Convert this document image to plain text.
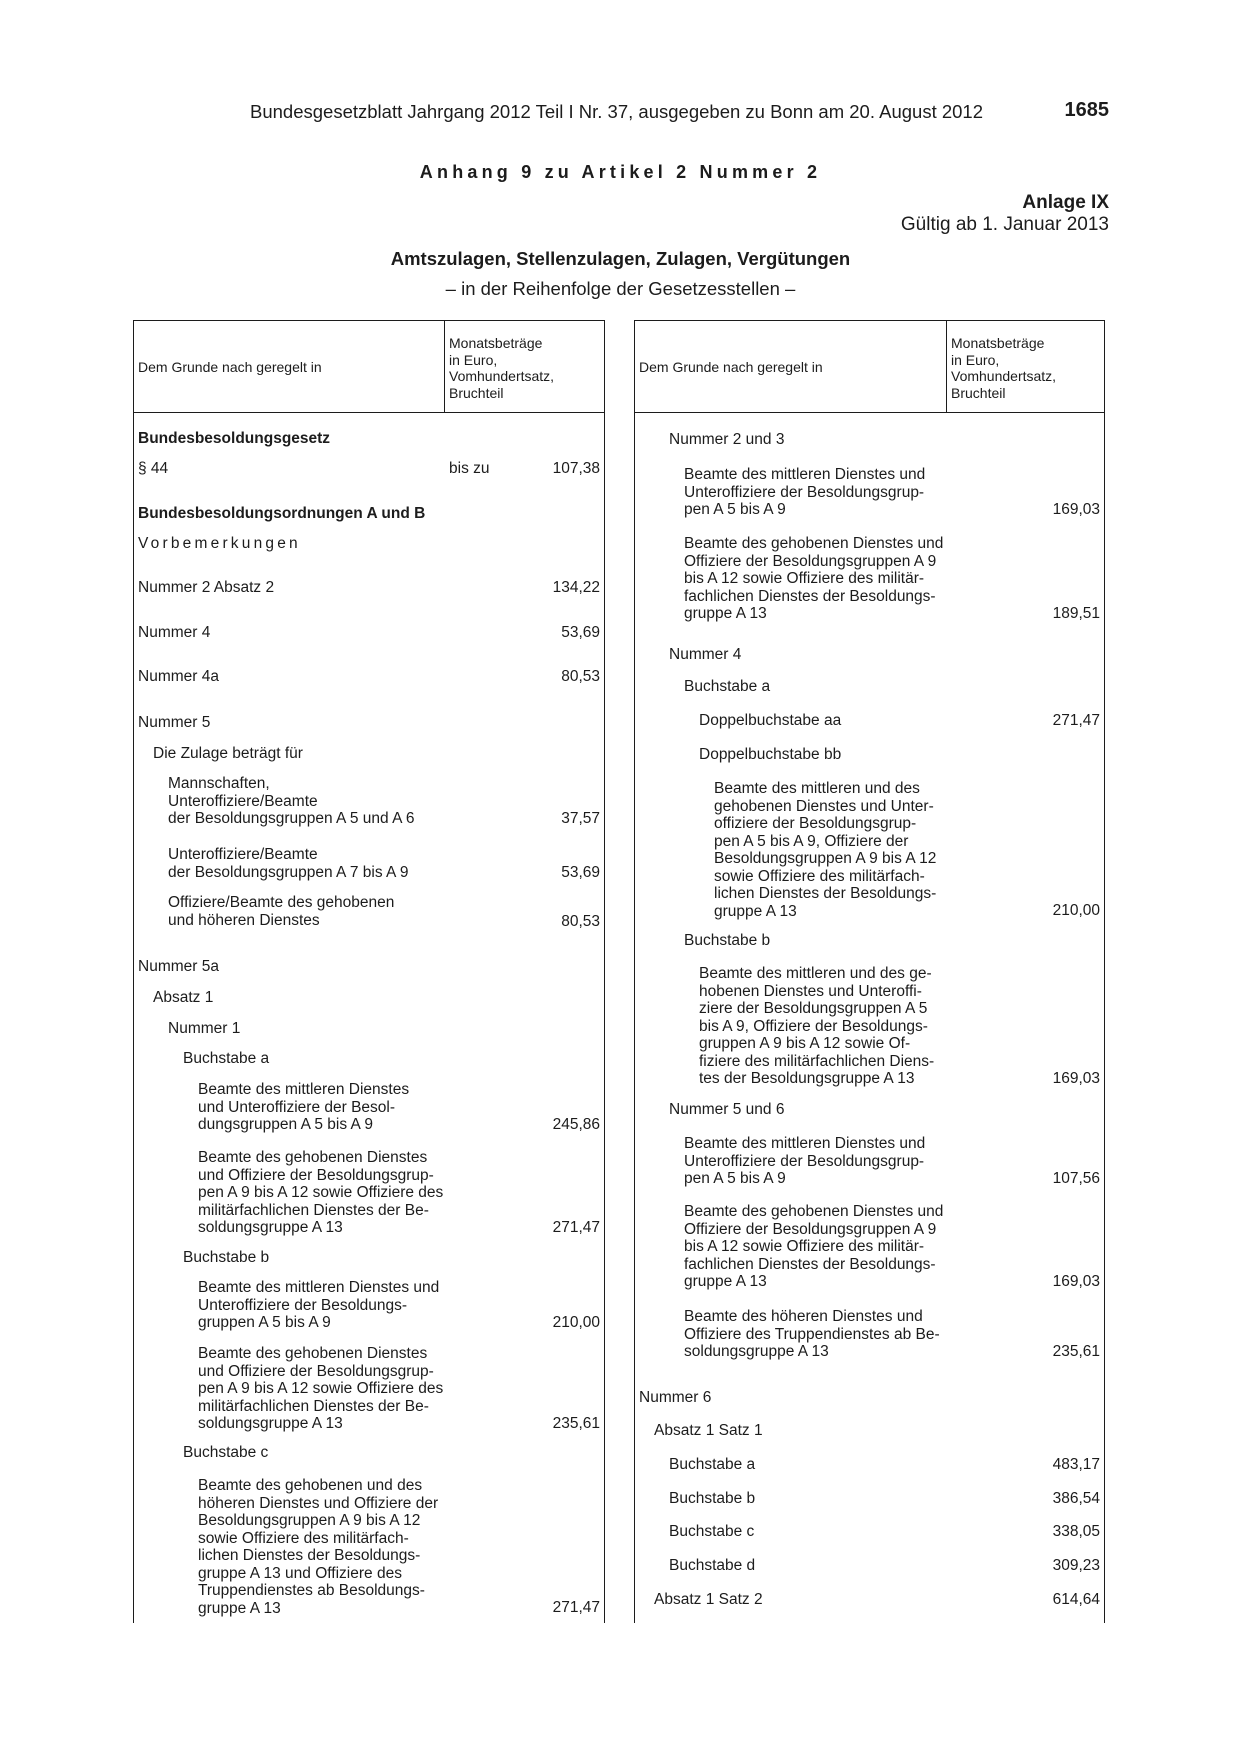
Bundesgesetzblatt Jahrgang 2012 Teil I Nr. 37, ausgegeben zu Bonn am 20. August 2012	1685
Anhang 9 zu Artikel 2 Nummer 2
Anlage IX
Gültig ab 1. Januar 2013
Amtszulagen, Stellenzulagen, Zulagen, Vergütungen
– in der Reihenfolge der Gesetzesstellen –
Dem Grunde nach geregelt in
Monatsbeträge
in Euro,
Vomhundertsatz,
Bruchteil
Bundesbesoldungsgesetz
§ 44	bis zu	107,38
Bundesbesoldungsordnungen A und B
Vorbemerkungen
Nummer 2 Absatz 2	134,22
Nummer 4	53,69
Nummer 4a	80,53
Nummer 5
Die Zulage beträgt für
Mannschaften,
Unteroffiziere/Beamte
der Besoldungsgruppen A 5 und A 6	37,57
Unteroffiziere/Beamte
der Besoldungsgruppen A 7 bis A 9	53,69
Offiziere/Beamte des gehobenen
und höheren Dienstes	80,53
Nummer 5a
Absatz 1
Nummer 1
Buchstabe a
Beamte des mittleren Dienstes
und Unteroffiziere der Besol-
dungsgruppen A 5 bis A 9	245,86
Beamte des gehobenen Dienstes
und Offiziere der Besoldungsgrup-
pen A 9 bis A 12 sowie Offiziere des
militärfachlichen Dienstes der Be-
soldungsgruppe A 13	271,47
Buchstabe b
Beamte des mittleren Dienstes und
Unteroffiziere der Besoldungs-
gruppen A 5 bis A 9	210,00
Beamte des gehobenen Dienstes
und Offiziere der Besoldungsgrup-
pen A 9 bis A 12 sowie Offiziere des
militärfachlichen Dienstes der Be-
soldungsgruppe A 13	235,61
Buchstabe c
Beamte des gehobenen und des
höheren Dienstes und Offiziere der
Besoldungsgruppen A 9 bis A 12
sowie Offiziere des militärfach-
lichen Dienstes der Besoldungs-
gruppe A 13 und Offiziere des
Truppendienstes ab Besoldungs-
gruppe A 13	271,47
Dem Grunde nach geregelt in
Monatsbeträge
in Euro,
Vomhundertsatz,
Bruchteil
Nummer 2 und 3
Beamte des mittleren Dienstes und
Unteroffiziere der Besoldungsgrup-
pen A 5 bis A 9	169,03
Beamte des gehobenen Dienstes und
Offiziere der Besoldungsgruppen A 9
bis A 12 sowie Offiziere des militär-
fachlichen Dienstes der Besoldungs-
gruppe A 13	189,51
Nummer 4
Buchstabe a
Doppelbuchstabe aa	271,47
Doppelbuchstabe bb
Beamte des mittleren und des
gehobenen Dienstes und Unter-
offiziere der Besoldungsgrup-
pen A 5 bis A 9, Offiziere der
Besoldungsgruppen A 9 bis A 12
sowie Offiziere des militärfach-
lichen Dienstes der Besoldungs-
gruppe A 13	210,00
Buchstabe b
Beamte des mittleren und des ge-
hobenen Dienstes und Unteroffi-
ziere der Besoldungsgruppen A 5
bis A 9, Offiziere der Besoldungs-
gruppen A 9 bis A 12 sowie Of-
fiziere des militärfachlichen Diens-
tes der Besoldungsgruppe A 13	169,03
Nummer 5 und 6
Beamte des mittleren Dienstes und
Unteroffiziere der Besoldungsgrup-
pen A 5 bis A 9	107,56
Beamte des gehobenen Dienstes und
Offiziere der Besoldungsgruppen A 9
bis A 12 sowie Offiziere des militär-
fachlichen Dienstes der Besoldungs-
gruppe A 13	169,03
Beamte des höheren Dienstes und
Offiziere des Truppendienstes ab Be-
soldungsgruppe A 13	235,61
Nummer 6
Absatz 1 Satz 1
Buchstabe a	483,17
Buchstabe b	386,54
Buchstabe c	338,05
Buchstabe d	309,23
Absatz 1 Satz 2	614,64
